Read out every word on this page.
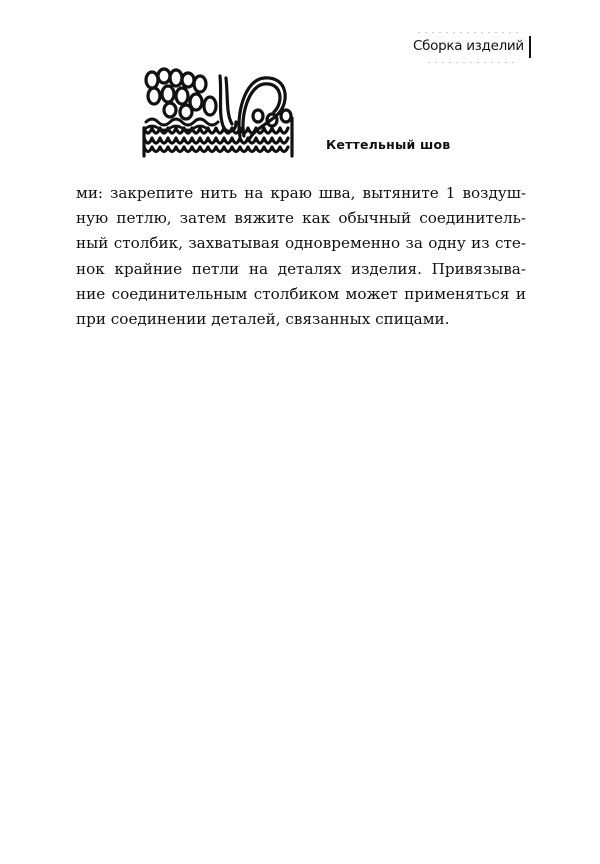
Сборка изделий
Кеттельный шов
ми: закрепите нить на краю шва, вытяните 1 воздуш-
ную петлю, затем вяжите как обычный соединитель-
ный столбик, захватывая одновременно за одну из сте-
нок крайние петли на деталях изделия. Привязыва-
ние соединительным столбиком может применяться и
при соединении деталей, связанных спицами.
